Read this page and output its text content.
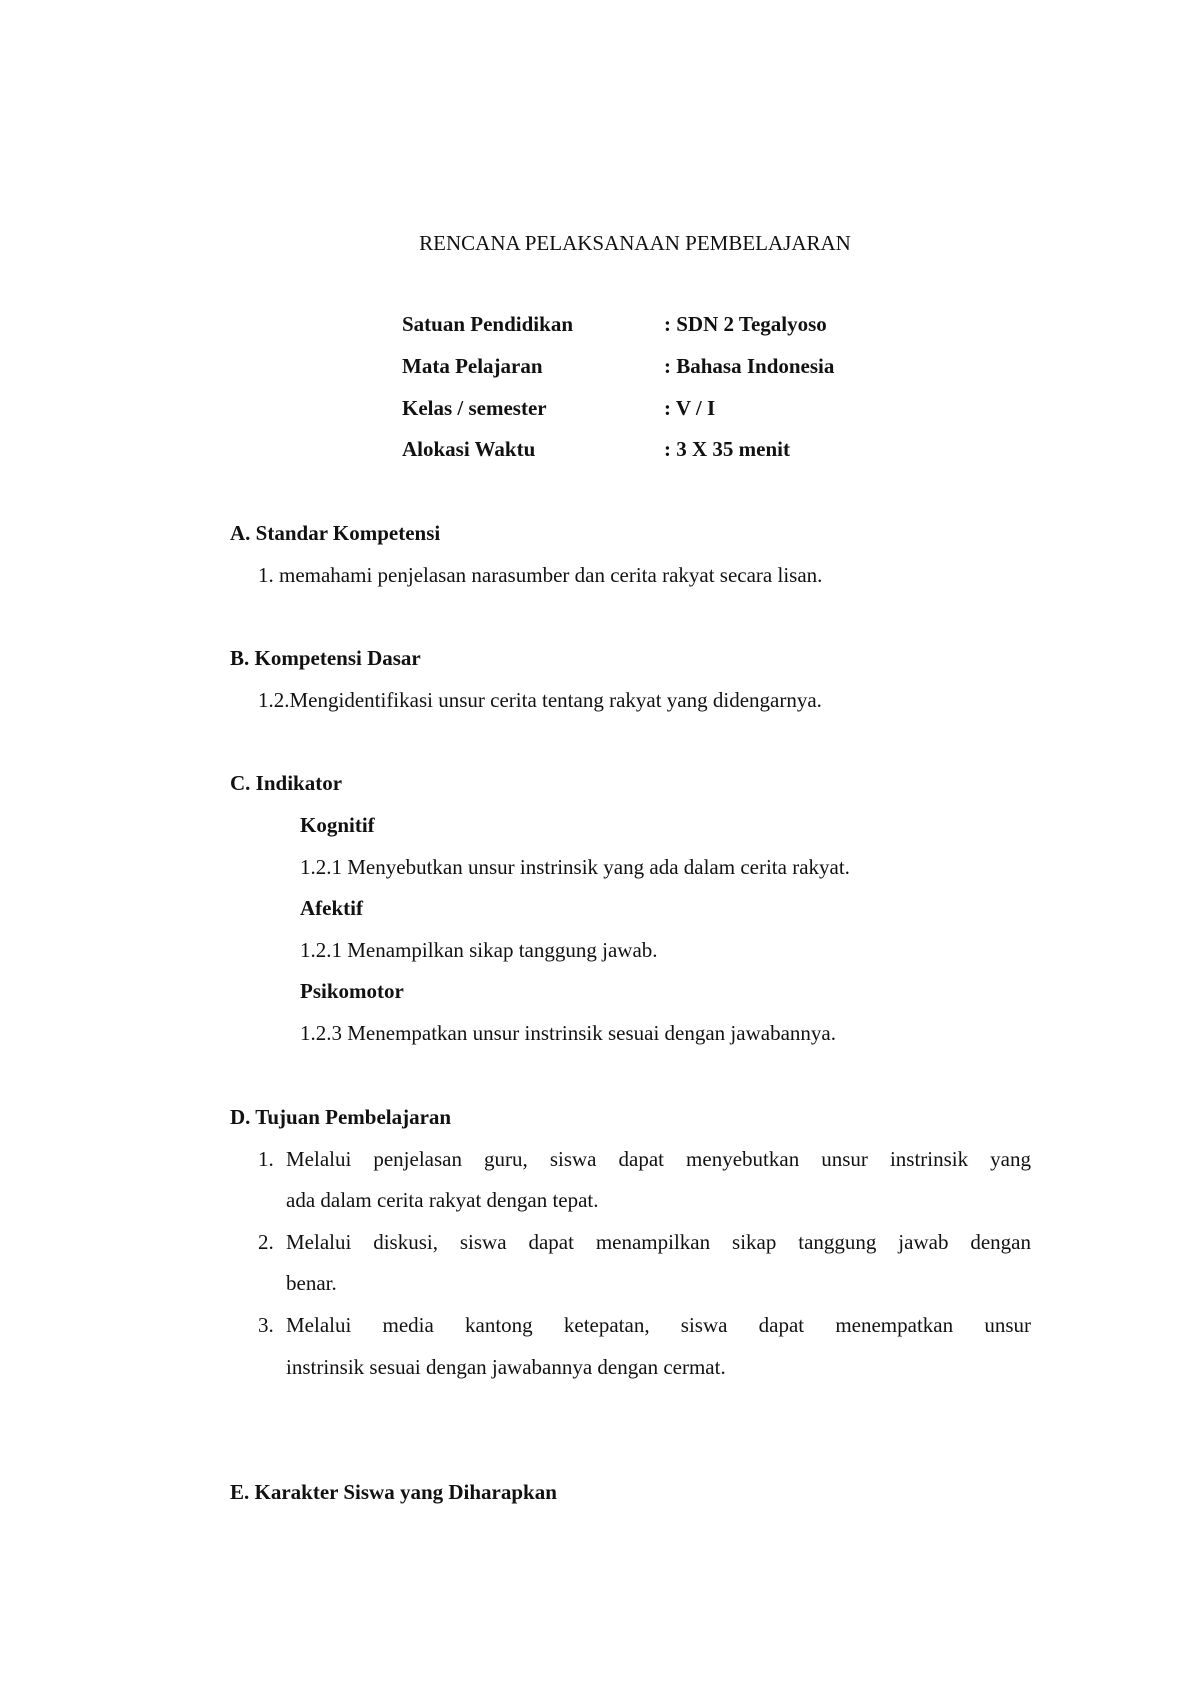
RENCANA PELAKSANAAN PEMBELAJARAN
Satuan Pendidikan	: SDN 2 Tegalyoso
Mata Pelajaran	: Bahasa Indonesia
Kelas / semester	: V / I
Alokasi Waktu	: 3 X 35 menit
A. Standar Kompetensi
1. memahami penjelasan narasumber dan cerita rakyat secara lisan.
B. Kompetensi Dasar
1.2.Mengidentifikasi unsur cerita tentang rakyat yang didengarnya.
C. Indikator
Kognitif
1.2.1 Menyebutkan unsur instrinsik yang ada dalam cerita rakyat.
Afektif
1.2.1 Menampilkan sikap tanggung jawab.
Psikomotor
1.2.3 Menempatkan unsur instrinsik sesuai dengan jawabannya.
D. Tujuan Pembelajaran
1. Melalui penjelasan guru, siswa dapat menyebutkan unsur instrinsik yang
ada dalam cerita rakyat dengan tepat.
2. Melalui diskusi, siswa dapat menampilkan sikap tanggung jawab dengan
benar.
3. Melalui media kantong ketepatan, siswa dapat menempatkan unsur
instrinsik sesuai dengan jawabannya dengan cermat.
E. Karakter Siswa yang Diharapkan
